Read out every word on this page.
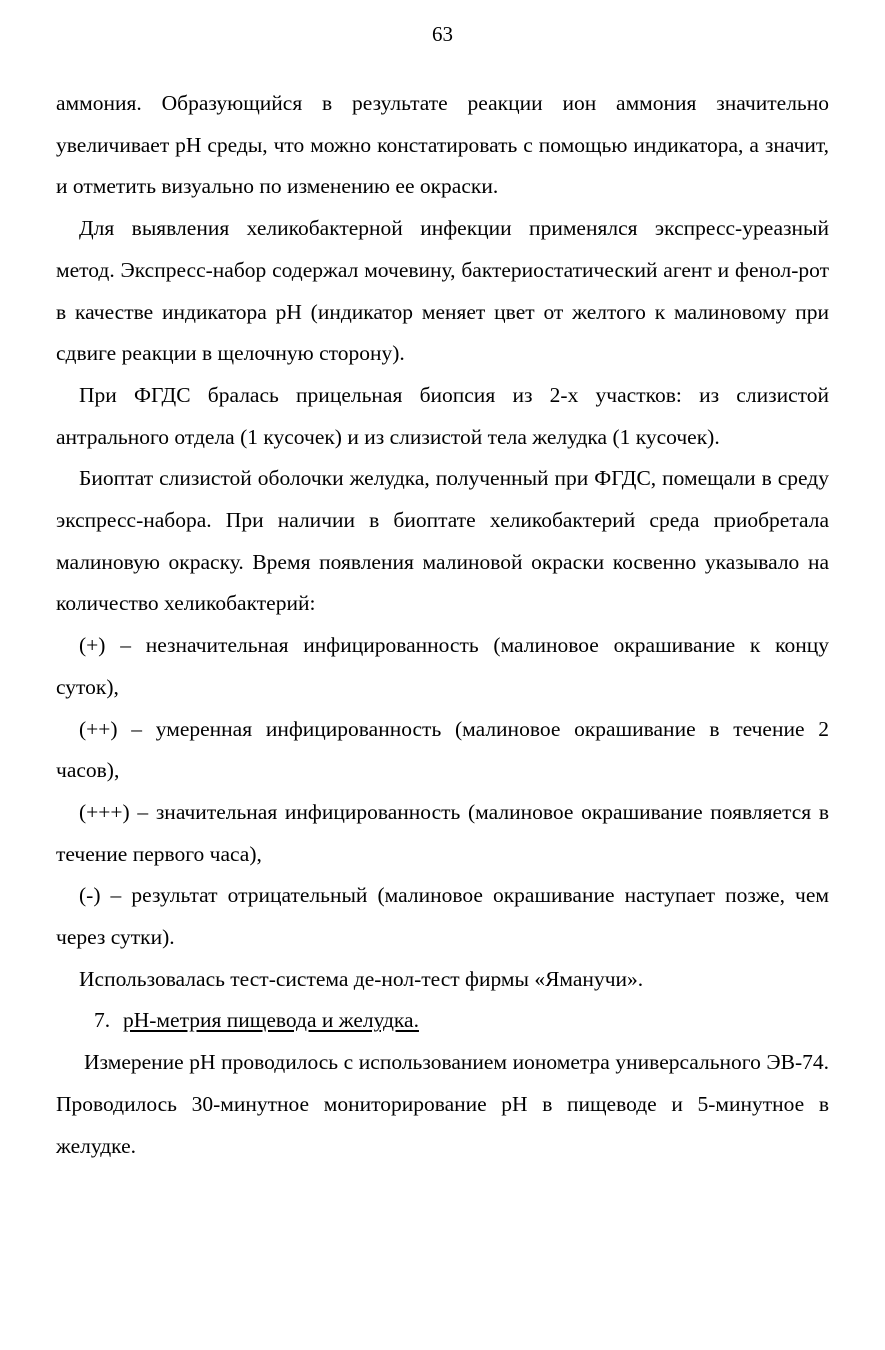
63

аммония. Образующийся в результате реакции ион аммония значительно увеличивает pH среды, что можно констатировать с помощью индикатора, а значит, и отметить визуально по изменению ее окраски.

Для выявления хеликобактерной инфекции применялся экспресс-уреазный метод. Экспресс-набор содержал мочевину, бактериостатический агент и фенол-рот в качестве индикатора pH (индикатор меняет цвет от желтого к малиновому при сдвиге реакции в щелочную сторону).

При ФГДС бралась прицельная биопсия из 2-х участков: из слизистой антрального отдела (1 кусочек) и из слизистой тела желудка (1 кусочек).

Биоптат слизистой оболочки желудка, полученный при ФГДС, помещали в среду экспресс-набора. При наличии в биоптате хеликобактерий среда приобретала малиновую окраску. Время появления малиновой окраски косвенно указывало на количество хеликобактерий:

(+) – незначительная инфицированность (малиновое окрашивание к концу суток),

(++) – умеренная инфицированность (малиновое окрашивание в течение 2 часов),

(+++) – значительная инфицированность (малиновое окрашивание появляется в течение первого часа),

(-) – результат отрицательный (малиновое окрашивание наступает позже, чем через сутки).

Использовалась тест-система де-нол-тест фирмы «Яманучи».

7. pH-метрия пищевода и желудка.

Измерение pH проводилось с использованием ионометра универсального ЭВ-74. Проводилось 30-минутное мониторирование pH в пищеводе и 5-минутное в желудке.
